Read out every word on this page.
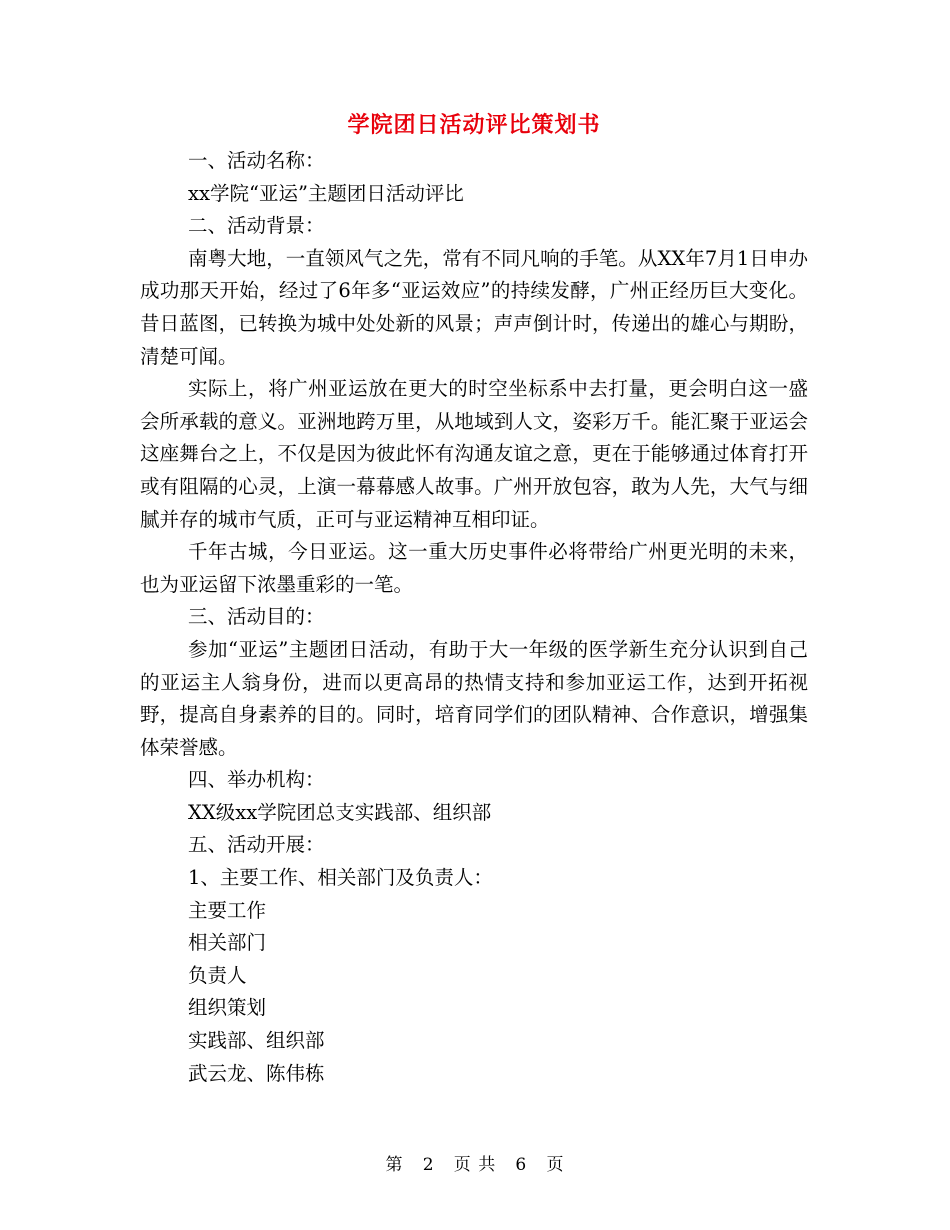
学院团日活动评比策划书

一、活动名称：

xx学院“亚运”主题团日活动评比

二、活动背景：

南粤大地，一直领风气之先，常有不同凡响的手笔。从XX年7月1日申办成功那天开始，经过了6年多“亚运效应”的持续发酵，广州正经历巨大变化。昔日蓝图，已转换为城中处处新的风景；声声倒计时，传递出的雄心与期盼，清楚可闻。

实际上，将广州亚运放在更大的时空坐标系中去打量，更会明白这一盛会所承载的意义。亚洲地跨万里，从地域到人文，姿彩万千。能汇聚于亚运会这座舞台之上，不仅是因为彼此怀有沟通友谊之意，更在于能够通过体育打开或有阻隔的心灵，上演一幕幕感人故事。广州开放包容，敢为人先，大气与细腻并存的城市气质，正可与亚运精神互相印证。

千年古城，今日亚运。这一重大历史事件必将带给广州更光明的未来，也为亚运留下浓墨重彩的一笔。

三、活动目的：

参加“亚运”主题团日活动，有助于大一年级的医学新生充分认识到自己的亚运主人翁身份，进而以更高昂的热情支持和参加亚运工作，达到开拓视野，提高自身素养的目的。同时，培育同学们的团队精神、合作意识，增强集体荣誉感。

四、举办机构：

XX级xx学院团总支实践部、组织部

五、活动开展：

1、主要工作、相关部门及负责人：

主要工作

相关部门

负责人

组织策划

实践部、组织部

武云龙、陈伟栋

第 2 页 共 6 页
